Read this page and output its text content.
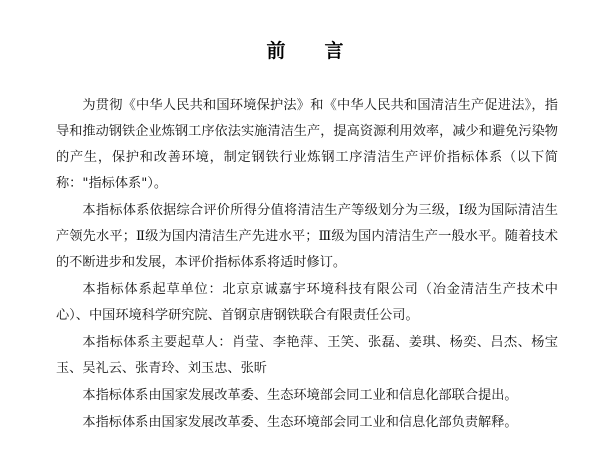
前　言

为贯彻《中华人民共和国环境保护法》和《中华人民共和国清洁生产促进法》，指导和推动钢铁企业炼钢工序依法实施清洁生产，提高资源利用效率，减少和避免污染物的产生，保护和改善环境，制定钢铁行业炼钢工序清洁生产评价指标体系（以下简称："指标体系"）。

本指标体系依据综合评价所得分值将清洁生产等级划分为三级，Ⅰ级为国际清洁生产领先水平；Ⅱ级为国内清洁生产先进水平；Ⅲ级为国内清洁生产一般水平。随着技术的不断进步和发展，本评价指标体系将适时修订。

本指标体系起草单位：北京京诚嘉宇环境科技有限公司（冶金清洁生产技术中心）、中国环境科学研究院、首钢京唐钢铁联合有限责任公司。

本指标体系主要起草人：肖莹、李艳萍、王笑、张磊、姜琪、杨奕、吕杰、杨宝玉、吴礼云、张青玲、刘玉忠、张昕

本指标体系由国家发展改革委、生态环境部会同工业和信息化部联合提出。

本指标体系由国家发展改革委、生态环境部会同工业和信息化部负责解释。
